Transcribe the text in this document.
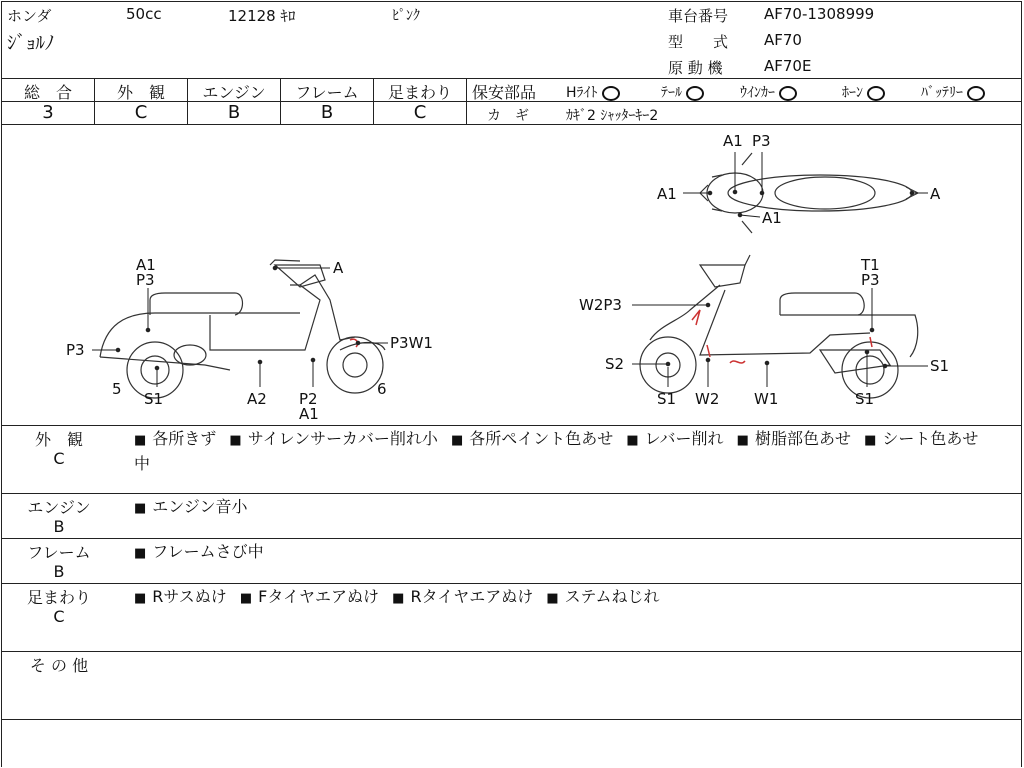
ホンダ	50cc	12128 ｷﾛ	ﾋﾟﾝｸ
ｼﾞｮﾙﾉ
車台番号 AF70-1308999
型　　式 AF70
原 動 機	AF70E
総　合	外　観	エンジン	フレーム	足まわり
3	C	B	B	C
保安部品 Hﾗｲﾄ	ﾃｰﾙ	ｳｲﾝｶｰ	ﾎｰﾝ	ﾊﾞｯﾃﾘｰ
カ　ギ	ｶｷﾞ2 ｼｬｯﾀｰｷｰ2
A1 P3
A1	A
A1
A1
P3
A
P3	P3W1
5
S1	A2 P2
A1
6
T1
P3
W2P3
S2
S1 W2 W1	S1
S1
外　観
C
■ 各所きず ■ サイレンサーカバー削れ小 ■ 各所ペイント色あせ ■ レバー削れ ■ 樹脂部色あせ ■ シート色あせ中
エンジン
B
■ エンジン音小
フレーム
B
■ フレームさび中
足まわり
C
■ Rサスぬけ ■ Fタイヤエアぬけ ■ Rタイヤエアぬけ ■ ステムねじれ
そ の 他
